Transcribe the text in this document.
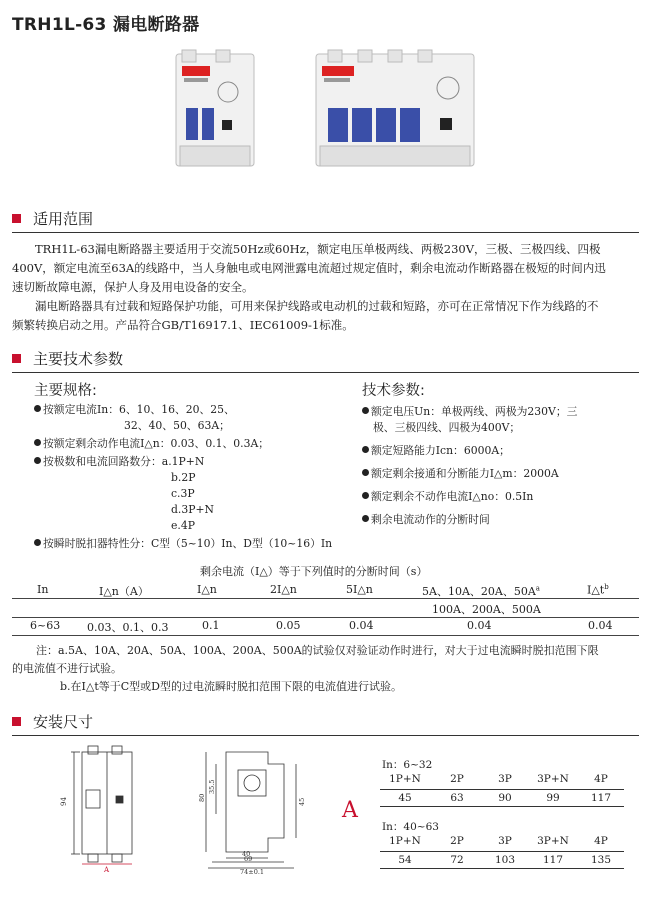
TRH1L-63 漏电断路器
适用范围
TRH1L-63漏电断路器主要适用于交流50Hz或60Hz，额定电压单极两线、两极230V，三极、三极四线、四极
400V，额定电流至63A的线路中，当人身触电或电网泄露电流超过规定值时，剩余电流动作断路器在极短的时间内迅
速切断故障电源，保护人身及用电设备的安全。
漏电断路器具有过载和短路保护功能，可用来保护线路或电动机的过载和短路，亦可在正常情况下作为线路的不
频繁转换启动之用。产品符合GB/T16917.1、IEC61009-1标准。
主要技术参数
主要规格:	技术参数:
按额定电流In：6、10、16、20、25、
32、40、50、63A；
按额定剩余动作电流I△n：0.03、0.1、0.3A；
按极数和电流回路数分：a.1P+N
b.2P
c.3P
d.3P+N
e.4P
按瞬时脱扣器特性分：C型（5~10）In、D型（10~16）In
额定电压Un：单极两线、两极为230V；三
极、三极四线、四极为400V；
额定短路能力Icn：6000A；
额定剩余接通和分断能力I△m：2000A
额定剩余不动作电流I△no：0.5In
剩余电流动作的分断时间
剩余电流（I△）等于下列值时的分断时间（s）
In	I△n（A）	I△n	2I△n	5I△n	5A、10A、20A、$50A^a$	$I\triangle t^b$
100A、200A、500A
6~63 0.03、0.1、0.3	0.1	0.05	0.04	0.04	0.04
注：a.5A、10A、20A、50A、100A、200A、500A的试验仅对验证动作时进行，对大于过电流瞬时脱扣范围下限
的电流值不进行试验。
b.在I△t等于C型或D型的过电流瞬时脱扣范围下限的电流值进行试验。
安装尺寸
94
A
80
35.5
45
40
69
74±0.1
A
In：6~32
1P+N	2P	3P	3P+N	4P
45	63	90	99	117
In：40~63
1P+N	2P	3P	3P+N	4P
54	72	103	117	135
